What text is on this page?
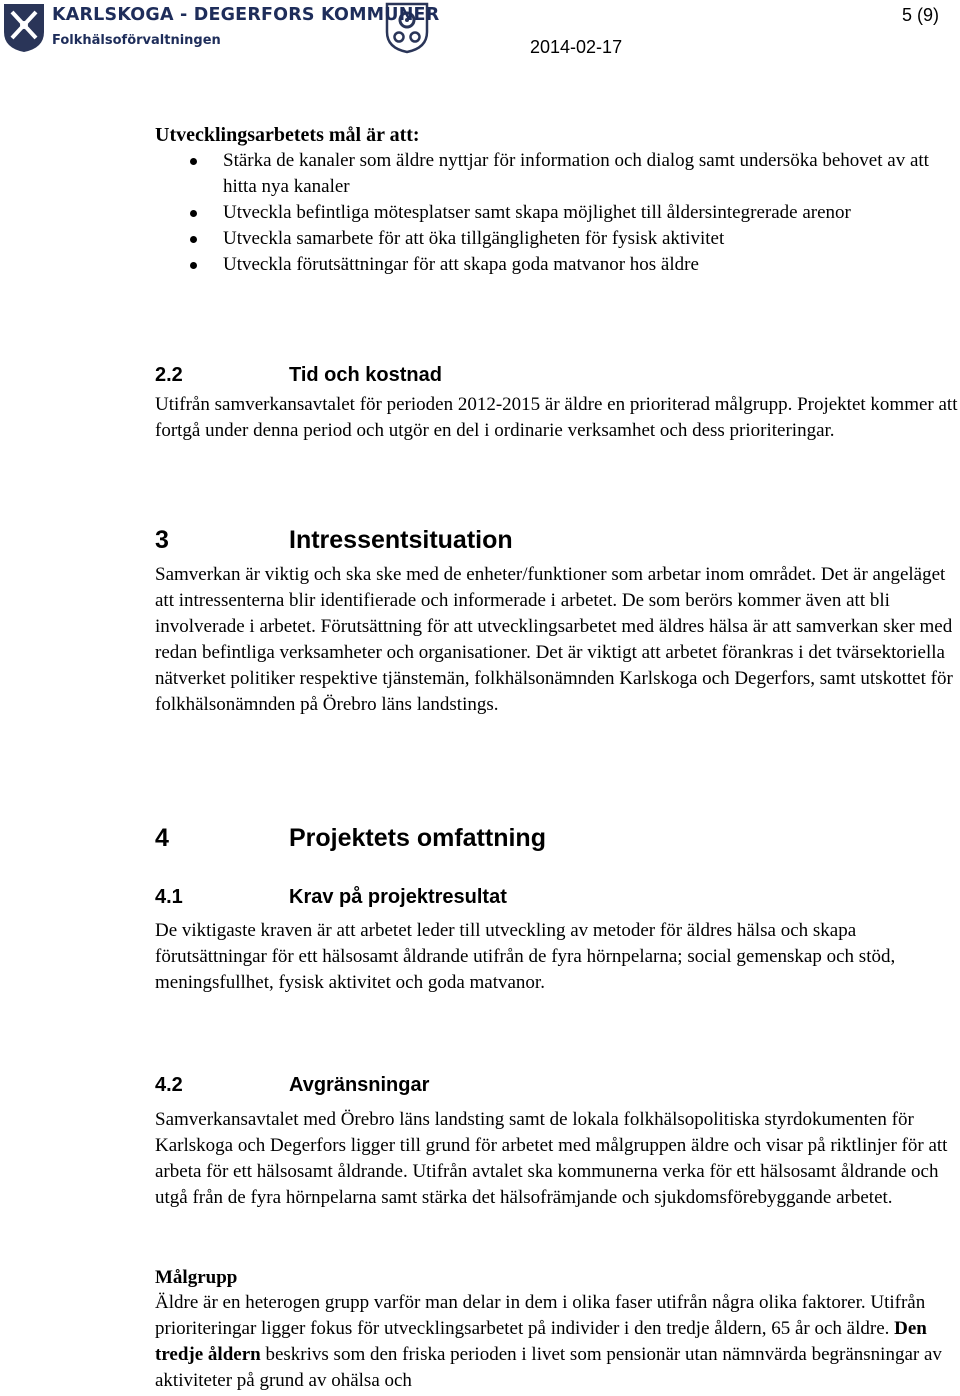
KARLSKOGA - DEGERFORS KOMMUNER
Folkhälsoförvaltningen
5 (9)
2014-02-17
Utvecklingsarbetets mål är att:
Stärka de kanaler som äldre nyttjar för information och dialog samt undersöka behovet av att hitta nya kanaler
Utveckla befintliga mötesplatser samt skapa möjlighet till åldersintegrerade arenor
Utveckla samarbete för att öka tillgängligheten för fysisk aktivitet
Utveckla förutsättningar för att skapa goda matvanor hos äldre
2.2	Tid och kostnad
Utifrån samverkansavtalet för perioden 2012-2015 är äldre en prioriterad målgrupp. Projektet kommer att fortgå under denna period och utgör en del i ordinarie verksamhet och dess prioriteringar.
3	Intressentsituation
Samverkan är viktig och ska ske med de enheter/funktioner som arbetar inom området. Det är angeläget att intressenterna blir identifierade och informerade i arbetet. De som berörs kommer även att bli involverade i arbetet. Förutsättning för att utvecklingsarbetet med äldres hälsa är att samverkan sker med redan befintliga verksamheter och organisationer. Det är viktigt att arbetet förankras i det tvärsektoriella nätverket politiker respektive tjänstemän, folkhälsonämnden Karlskoga och Degerfors, samt utskottet för folkhälsonämnden på Örebro läns landstings.
4	Projektets omfattning
4.1	Krav på projektresultat
De viktigaste kraven är att arbetet leder till utveckling av metoder för äldres hälsa och skapa förutsättningar för ett hälsosamt åldrande utifrån de fyra hörnpelarna; social gemenskap och stöd, meningsfullhet, fysisk aktivitet och goda matvanor.
4.2	Avgränsningar
Samverkansavtalet med Örebro läns landsting samt de lokala folkhälsopolitiska styrdokumenten för Karlskoga och Degerfors ligger till grund för arbetet med målgruppen äldre och visar på riktlinjer för att arbeta för ett hälsosamt åldrande. Utifrån avtalet ska kommunerna verka för ett hälsosamt åldrande och utgå från de fyra hörnpelarna samt stärka det hälsofrämjande och sjukdomsförebyggande arbetet.
Målgrupp
Äldre är en heterogen grupp varför man delar in dem i olika faser utifrån några olika faktorer. Utifrån prioriteringar ligger fokus för utvecklingsarbetet på individer i den tredje åldern, 65 år och äldre. Den tredje åldern beskrivs som den friska perioden i livet som pensionär utan nämnvärda begränsningar av aktiviteter på grund av ohälsa och
